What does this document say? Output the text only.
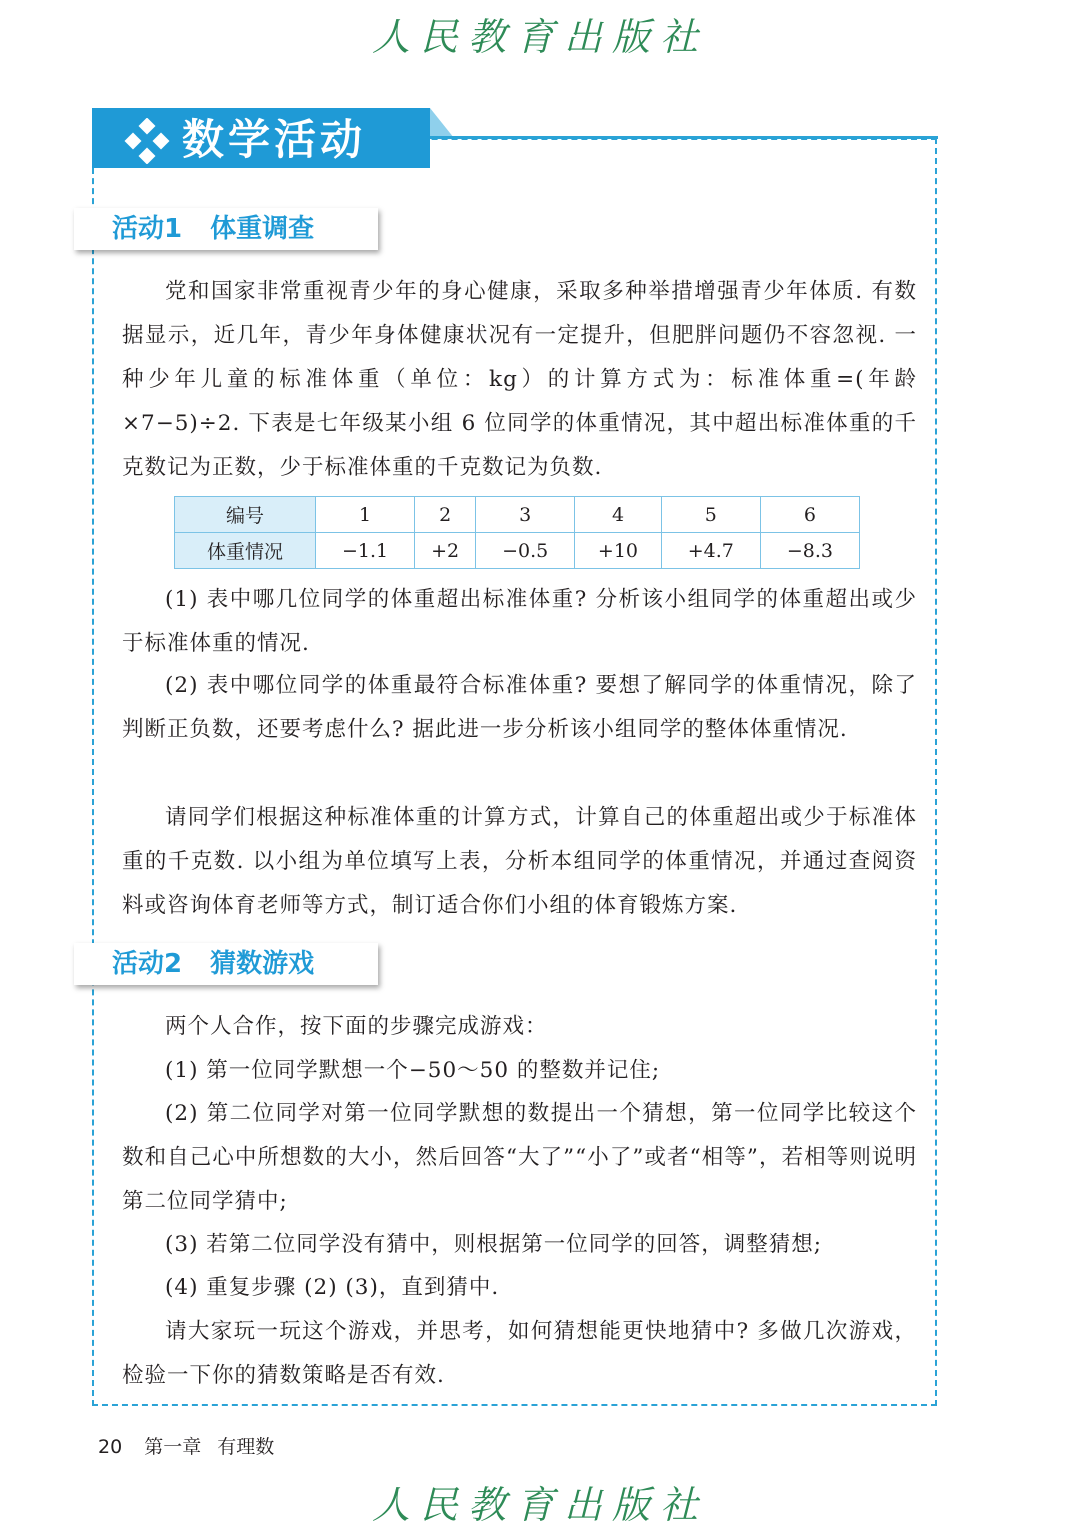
人民教育出版社
数学活动
活动1 体重调查
党和国家非常重视青少年的身心健康，采取多种举措增强青少年体质. 有数据显示，近几年，青少年身体健康状况有一定提升，但肥胖问题仍不容忽视. 一种少年儿童的标准体重（单位：kg）的计算方式为：标准体重=(年龄×7−5)÷2. 下表是七年级某小组 6 位同学的体重情况，其中超出标准体重的千克数记为正数，少于标准体重的千克数记为负数.
编号	1	2	3	4	5	6
体重情况	−1.1	+2	−0.5	+10	+4.7	−8.3
(1) 表中哪几位同学的体重超出标准体重? 分析该小组同学的体重超出或少于标准体重的情况.
(2) 表中哪位同学的体重最符合标准体重? 要想了解同学的体重情况，除了判断正负数，还要考虑什么? 据此进一步分析该小组同学的整体体重情况.
请同学们根据这种标准体重的计算方式，计算自己的体重超出或少于标准体重的千克数. 以小组为单位填写上表，分析本组同学的体重情况，并通过查阅资料或咨询体育老师等方式，制订适合你们小组的体育锻炼方案.
活动2 猜数游戏
两个人合作，按下面的步骤完成游戏：
(1) 第一位同学默想一个−50～50 的整数并记住;
(2) 第二位同学对第一位同学默想的数提出一个猜想，第一位同学比较这个数和自己心中所想数的大小，然后回答“大了”“小了”或者“相等”，若相等则说明第二位同学猜中;
(3) 若第二位同学没有猜中，则根据第一位同学的回答，调整猜想;
(4) 重复步骤 (2) (3)，直到猜中.
请大家玩一玩这个游戏，并思考，如何猜想能更快地猜中? 多做几次游戏，检验一下你的猜数策略是否有效.
20 第一章 有理数
人民教育出版社
